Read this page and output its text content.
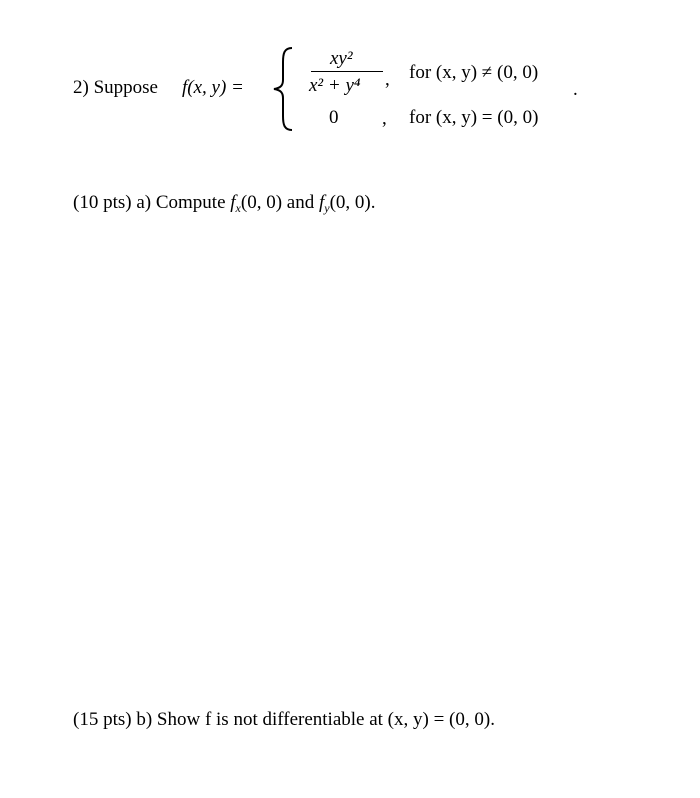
2) Suppose f(x, y) =
xy²
x² + y⁴ , for (x, y) ≠ (0, 0)
0 , for (x, y) = (0, 0)
.
(10 pts) a) Compute $f_x(0$, 0) and $f_y(0$, 0).
(15 pts) b) Show f is not differentiable at (x, y) = (0, 0).
